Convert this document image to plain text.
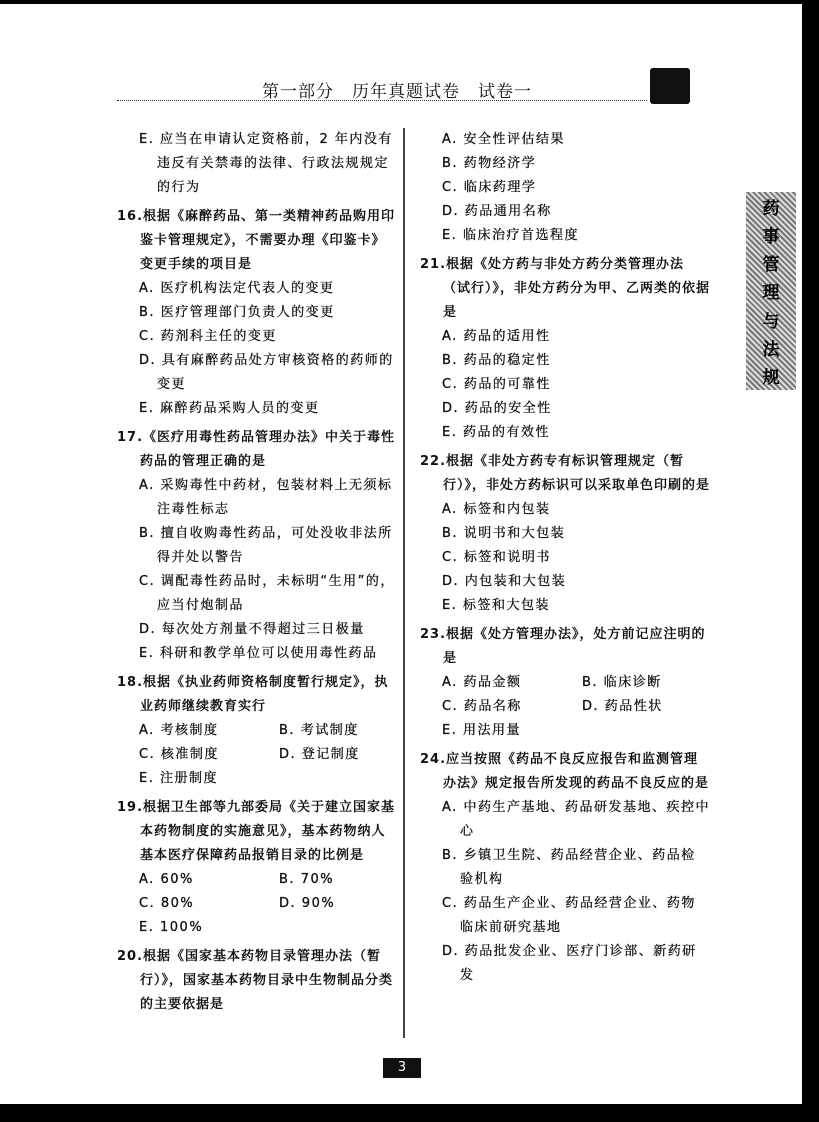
第一部分　历年真题试卷　试卷一
药
事
管
理
与
法
规
E. 应当在申请认定资格前，2 年内没有违反有关禁毒的法律、行政法规规定的行为
16.根据《麻醉药品、第一类精神药品购用印鉴卡管理规定》，不需要办理《印鉴卡》变更手续的项目是
A. 医疗机构法定代表人的变更
B. 医疗管理部门负责人的变更
C. 药剂科主任的变更
D. 具有麻醉药品处方审核资格的药师的变更
E. 麻醉药品采购人员的变更
17.《医疗用毒性药品管理办法》中关于毒性药品的管理正确的是
A. 采购毒性中药材，包装材料上无须标注毒性标志
B. 擅自收购毒性药品，可处没收非法所得并处以警告
C. 调配毒性药品时，未标明“生用”的，应当付炮制品
D. 每次处方剂量不得超过三日极量
E. 科研和教学单位可以使用毒性药品
18.根据《执业药师资格制度暂行规定》，执业药师继续教育实行
A. 考核制度	B. 考试制度
C. 核准制度	D. 登记制度
E. 注册制度
19.根据卫生部等九部委局《关于建立国家基本药物制度的实施意见》，基本药物纳人基本医疗保障药品报销目录的比例是
A. 60%	B. 70%
C. 80%	D. 90%
E. 100%
20.根据《国家基本药物目录管理办法（暂行）》，国家基本药物目录中生物制品分类的主要依据是
A. 安全性评估结果
B. 药物经济学
C. 临床药理学
D. 药品通用名称
E. 临床治疗首选程度
21.根据《处方药与非处方药分类管理办法（试行）》，非处方药分为甲、乙两类的依据是
A. 药品的适用性
B. 药品的稳定性
C. 药品的可靠性
D. 药品的安全性
E. 药品的有效性
22.根据《非处方药专有标识管理规定（暂行）》，非处方药标识可以采取单色印刷的是
A. 标签和内包装
B. 说明书和大包装
C. 标签和说明书
D. 内包装和大包装
E. 标签和大包装
23.根据《处方管理办法》，处方前记应注明的是
A. 药品金额	B. 临床诊断
C. 药品名称	D. 药品性状
E. 用法用量
24.应当按照《药品不良反应报告和监测管理办法》规定报告所发现的药品不良反应的是
A. 中药生产基地、药品研发基地、疾控中心
B. 乡镇卫生院、药品经营企业、药品检验机构
C. 药品生产企业、药品经营企业、药物临床前研究基地
D. 药品批发企业、医疗门诊部、新药研发
3
